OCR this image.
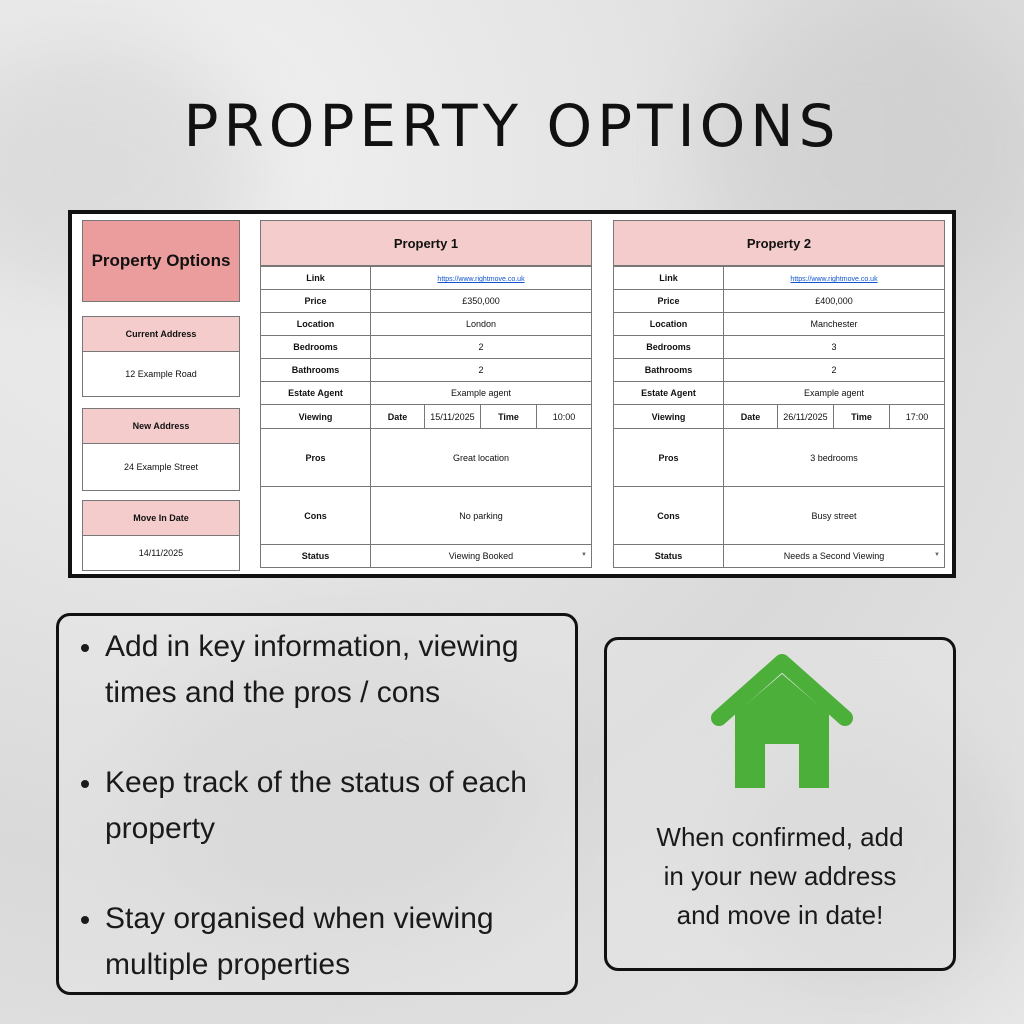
PROPERTY OPTIONS
Property Options
Current Address
12 Example Road
New Address
24 Example Street
Move In Date
14/11/2025
Property 1
Link	https://www.rightmove.co.uk
Price	£350,000
Location	London
Bedrooms	2
Bathrooms	2
Estate Agent	Example agent
Viewing	Date 15/11/2025 Time 10:00

Pros	Great location
Cons	No parking
Status	Viewing Booked ▼
Property 2
Link	https://www.rightmove.co.uk
Price	£400,000
Location	Manchester
Bedrooms	3
Bathrooms	2
Estate Agent	Example agent
Viewing	Date 26/11/2025 Time 17:00

Pros	3 bedrooms
Cons	Busy street
Status	Needs a Second Viewing ▼
Add in key information, viewing times and the pros / cons
Keep track of the status of each property
Stay organised when viewing multiple properties
When confirmed, add
in your new address
and move in date!
